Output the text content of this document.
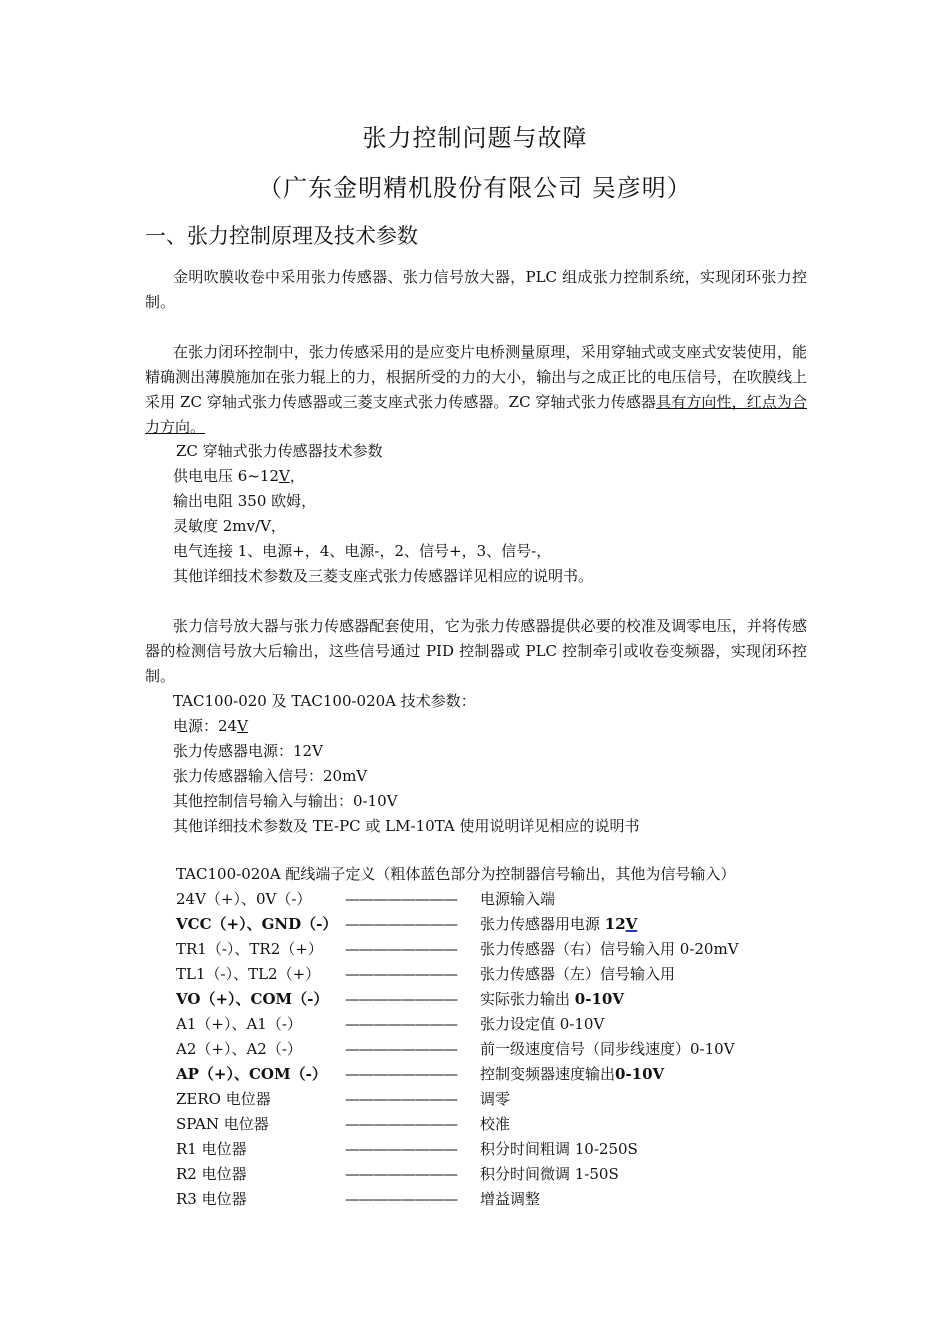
张力控制问题与故障
（广东金明精机股份有限公司 吴彦明）
一、张力控制原理及技术参数
金明吹膜收卷中采用张力传感器、张力信号放大器，PLC 组成张力控制系统，实现闭环张力控制。
在张力闭环控制中，张力传感采用的是应变片电桥测量原理，采用穿轴式或支座式安装使用，能精确测出薄膜施加在张力辊上的力，根据所受的力的大小，输出与之成正比的电压信号，在吹膜线上采用 ZC 穿轴式张力传感器或三菱支座式张力传感器。ZC 穿轴式张力传感器具有方向性，红点为合力方向。
ZC 穿轴式张力传感器技术参数
供电电压 6~12V，
输出电阻 350 欧姆，
灵敏度 2mv/V，
电气连接 1、电源+，4、电源-，2、信号+，3、信号-，
其他详细技术参数及三菱支座式张力传感器详见相应的说明书。
张力信号放大器与张力传感器配套使用，它为张力传感器提供必要的校准及调零电压，并将传感器的检测信号放大后输出，这些信号通过 PID 控制器或 PLC 控制牵引或收卷变频器，实现闭环控制。
TAC100-020 及 TAC100-020A 技术参数：
电源：24V
张力传感器电源：12V
张力传感器输入信号：20mV
其他控制信号输入与输出：0-10V
其他详细技术参数及 TE-PC 或 LM-10TA 使用说明详见相应的说明书
TAC100-020A 配线端子定义（粗体蓝色部分为控制器信号输出，其他为信号输入）
24V（+）、0V（-） ———————— 电源输入端
VCC（+）、GND（-） ———————— 张力传感器用电源 12V
TR1（-）、TR2（+） ———————— 张力传感器（右）信号输入用 0-20mV
TL1（-）、TL2（+） ———————— 张力传感器（左）信号输入用
VO（+）、COM（-） ———————— 实际张力输出 0-10V
A1（+）、A1（-）	———————— 张力设定值 0-10V
A2（+）、A2（-）	———————— 前一级速度信号（同步线速度）0-10V
AP（+）、COM（-） ———————— 控制变频器速度输出0-10V
ZERO 电位器	———————— 调零
SPAN 电位器	———————— 校准
R1 电位器	———————— 积分时间粗调 10-250S
R2 电位器	———————— 积分时间微调 1-50S
R3 电位器	———————— 增益调整
